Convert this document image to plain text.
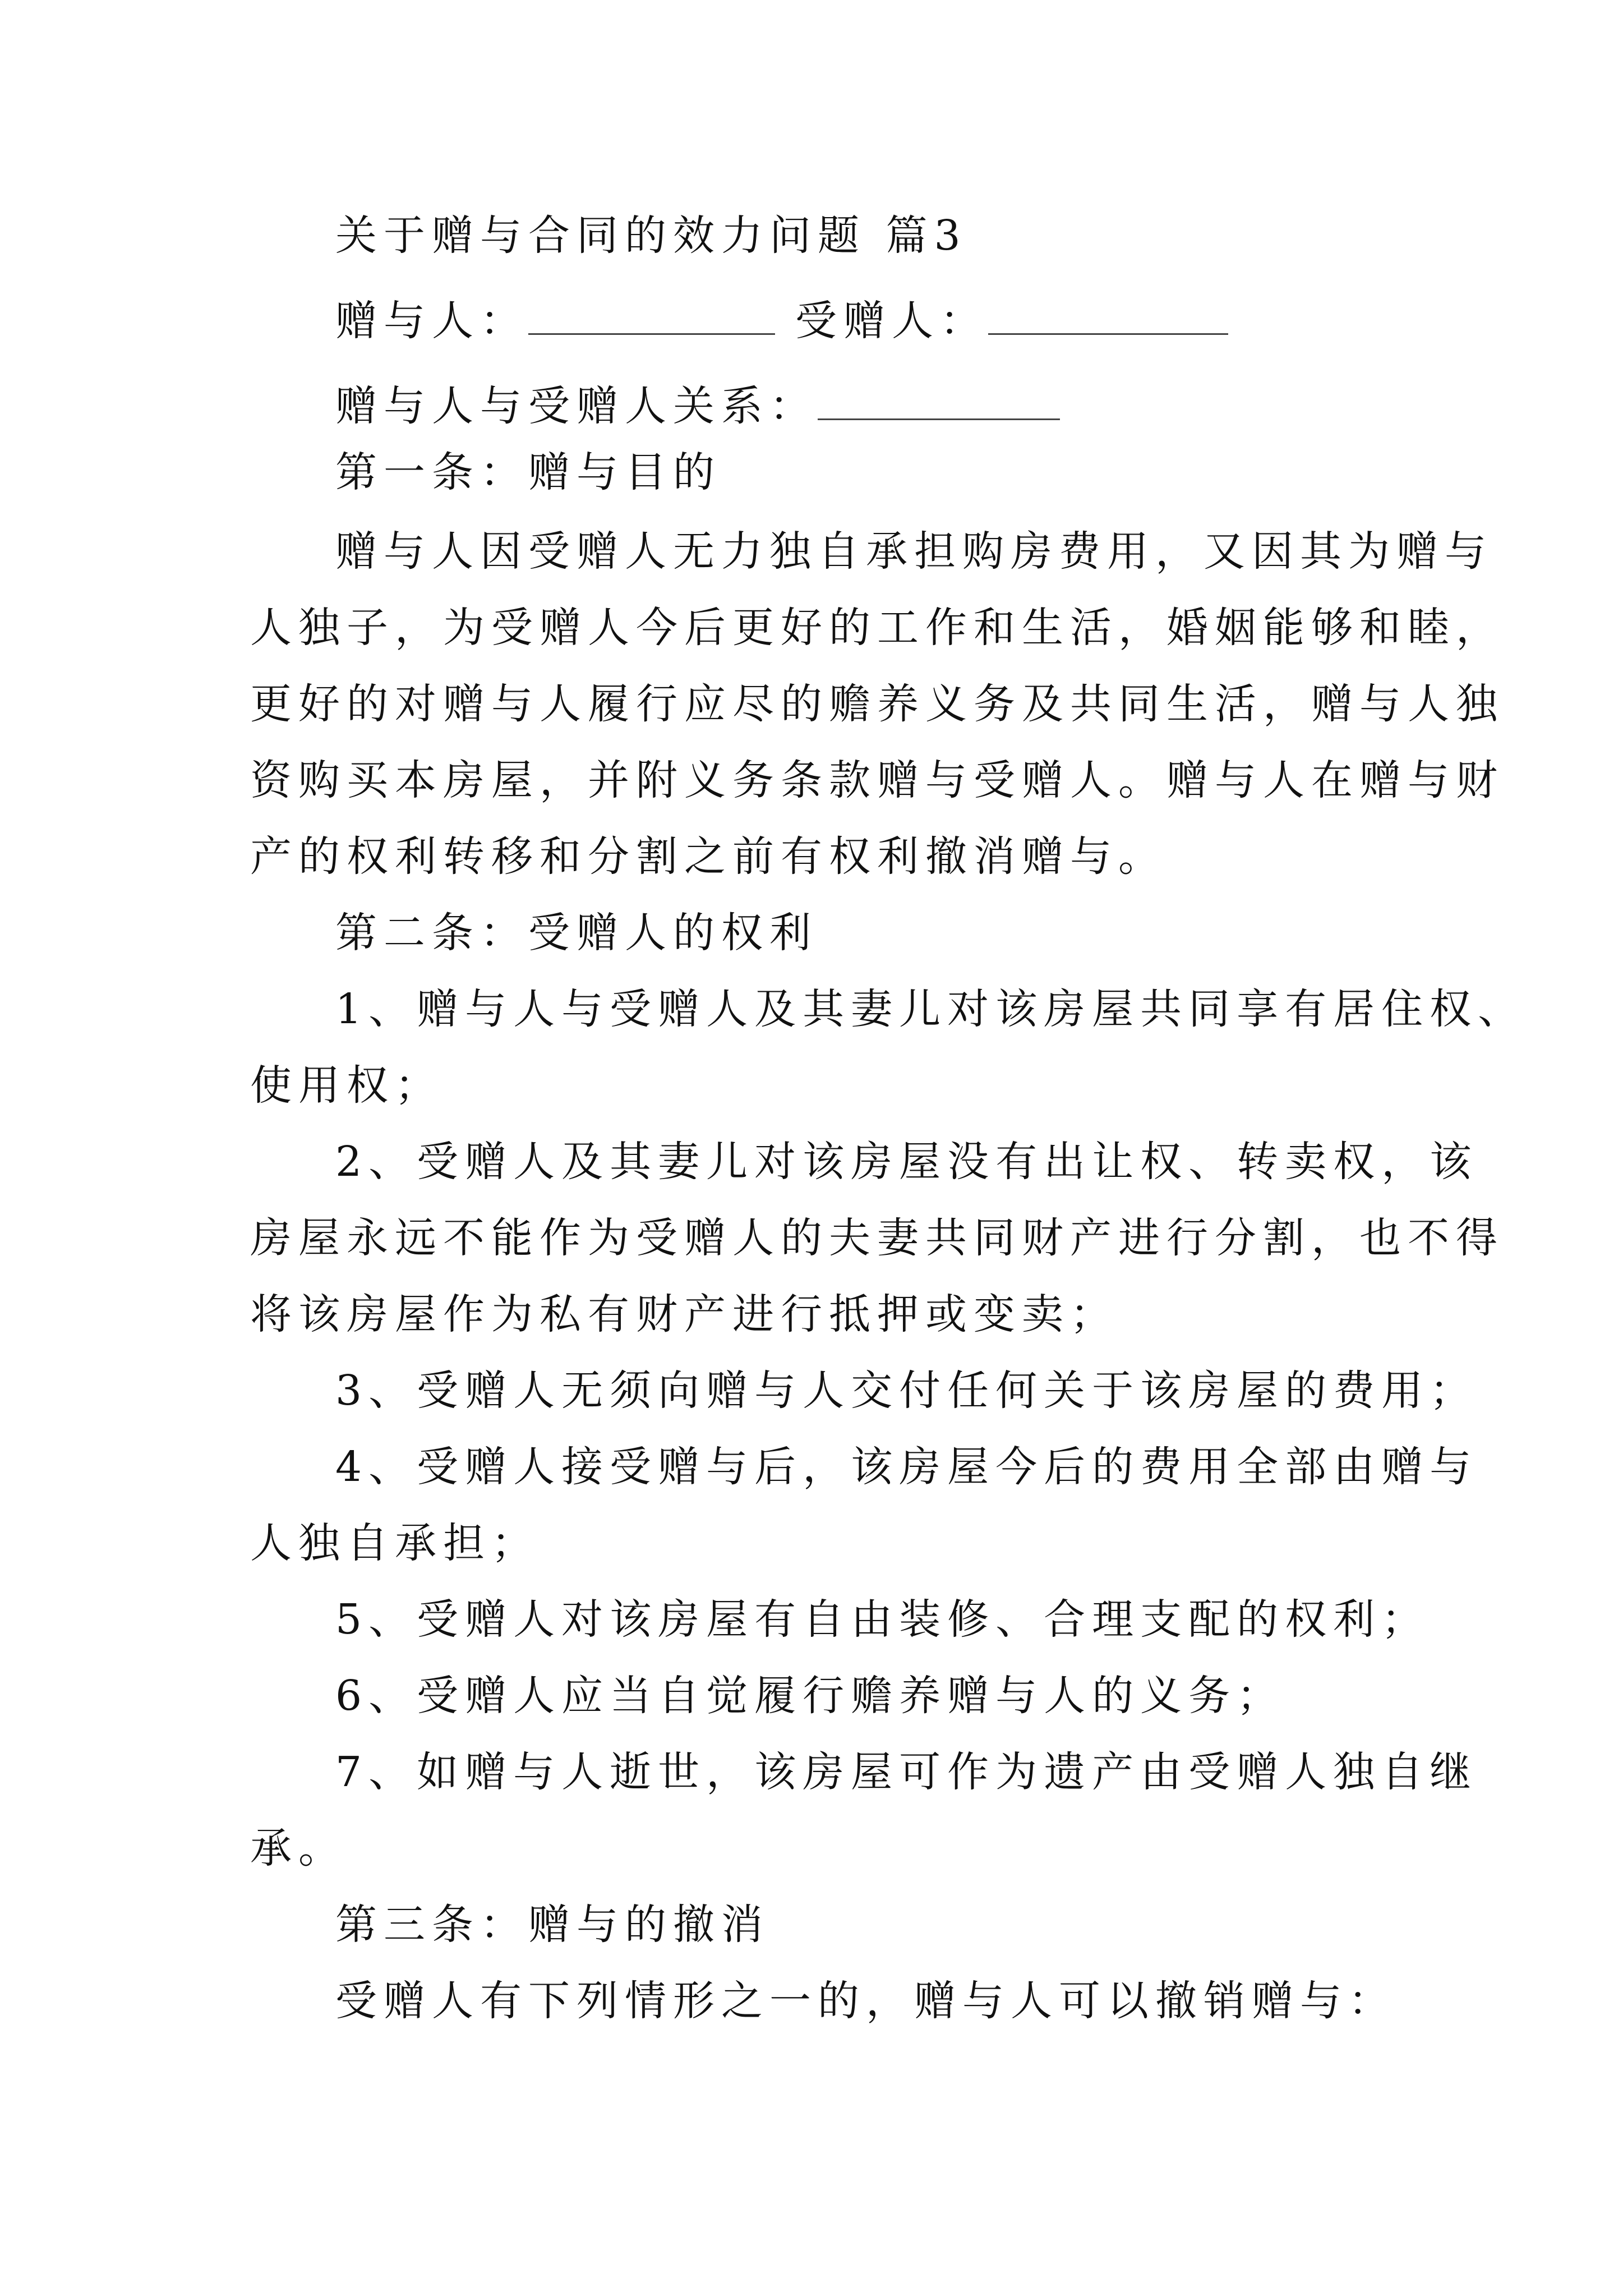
关于赠与合同的效力问题 篇3
赠与人：	受赠人：
赠与人与受赠人关系：
第一条：赠与目的
赠与人因受赠人无力独自承担购房费用，又因其为赠与
人独子，为受赠人今后更好的工作和生活，婚姻能够和睦，
更好的对赠与人履行应尽的赡养义务及共同生活，赠与人独
资购买本房屋，并附义务条款赠与受赠人。赠与人在赠与财
产的权利转移和分割之前有权利撤消赠与。
第二条：受赠人的权利
1、赠与人与受赠人及其妻儿对该房屋共同享有居住权、
使用权；
2、受赠人及其妻儿对该房屋没有出让权、转卖权，该
房屋永远不能作为受赠人的夫妻共同财产进行分割，也不得
将该房屋作为私有财产进行抵押或变卖；
3、受赠人无须向赠与人交付任何关于该房屋的费用；
4、受赠人接受赠与后，该房屋今后的费用全部由赠与
人独自承担；
5、受赠人对该房屋有自由装修、合理支配的权利；
6、受赠人应当自觉履行赡养赠与人的义务；
7、如赠与人逝世，该房屋可作为遗产由受赠人独自继
承。
第三条：赠与的撤消
受赠人有下列情形之一的，赠与人可以撤销赠与：
